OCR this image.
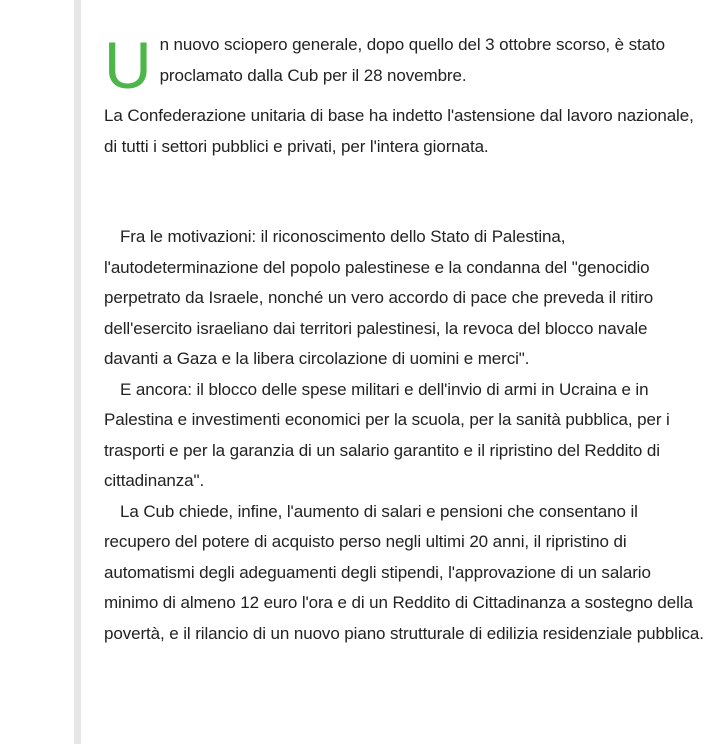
U n nuovo sciopero generale, dopo quello del 3 ottobre scorso, è stato proclamato dalla Cub per il 28 novembre.

La Confederazione unitaria di base ha indetto l'astensione dal lavoro nazionale, di tutti i settori pubblici e privati, per l'intera giornata.

Fra le motivazioni: il riconoscimento dello Stato di Palestina, l'autodeterminazione del popolo palestinese e la condanna del "genocidio perpetrato da Israele, nonché un vero accordo di pace che preveda il ritiro dell'esercito israeliano dai territori palestinesi, la revoca del blocco navale davanti a Gaza e la libera circolazione di uomini e merci".

E ancora: il blocco delle spese militari e dell'invio di armi in Ucraina e in Palestina e investimenti economici per la scuola, per la sanità pubblica, per i trasporti e per la garanzia di un salario garantito e il ripristino del Reddito di cittadinanza".

La Cub chiede, infine, l'aumento di salari e pensioni che consentano il recupero del potere di acquisto perso negli ultimi 20 anni, il ripristino di automatismi degli adeguamenti degli stipendi, l'approvazione di un salario minimo di almeno 12 euro l'ora e di un Reddito di Cittadinanza a sostegno della povertà, e il rilancio di un nuovo piano strutturale di edilizia residenziale pubblica.
